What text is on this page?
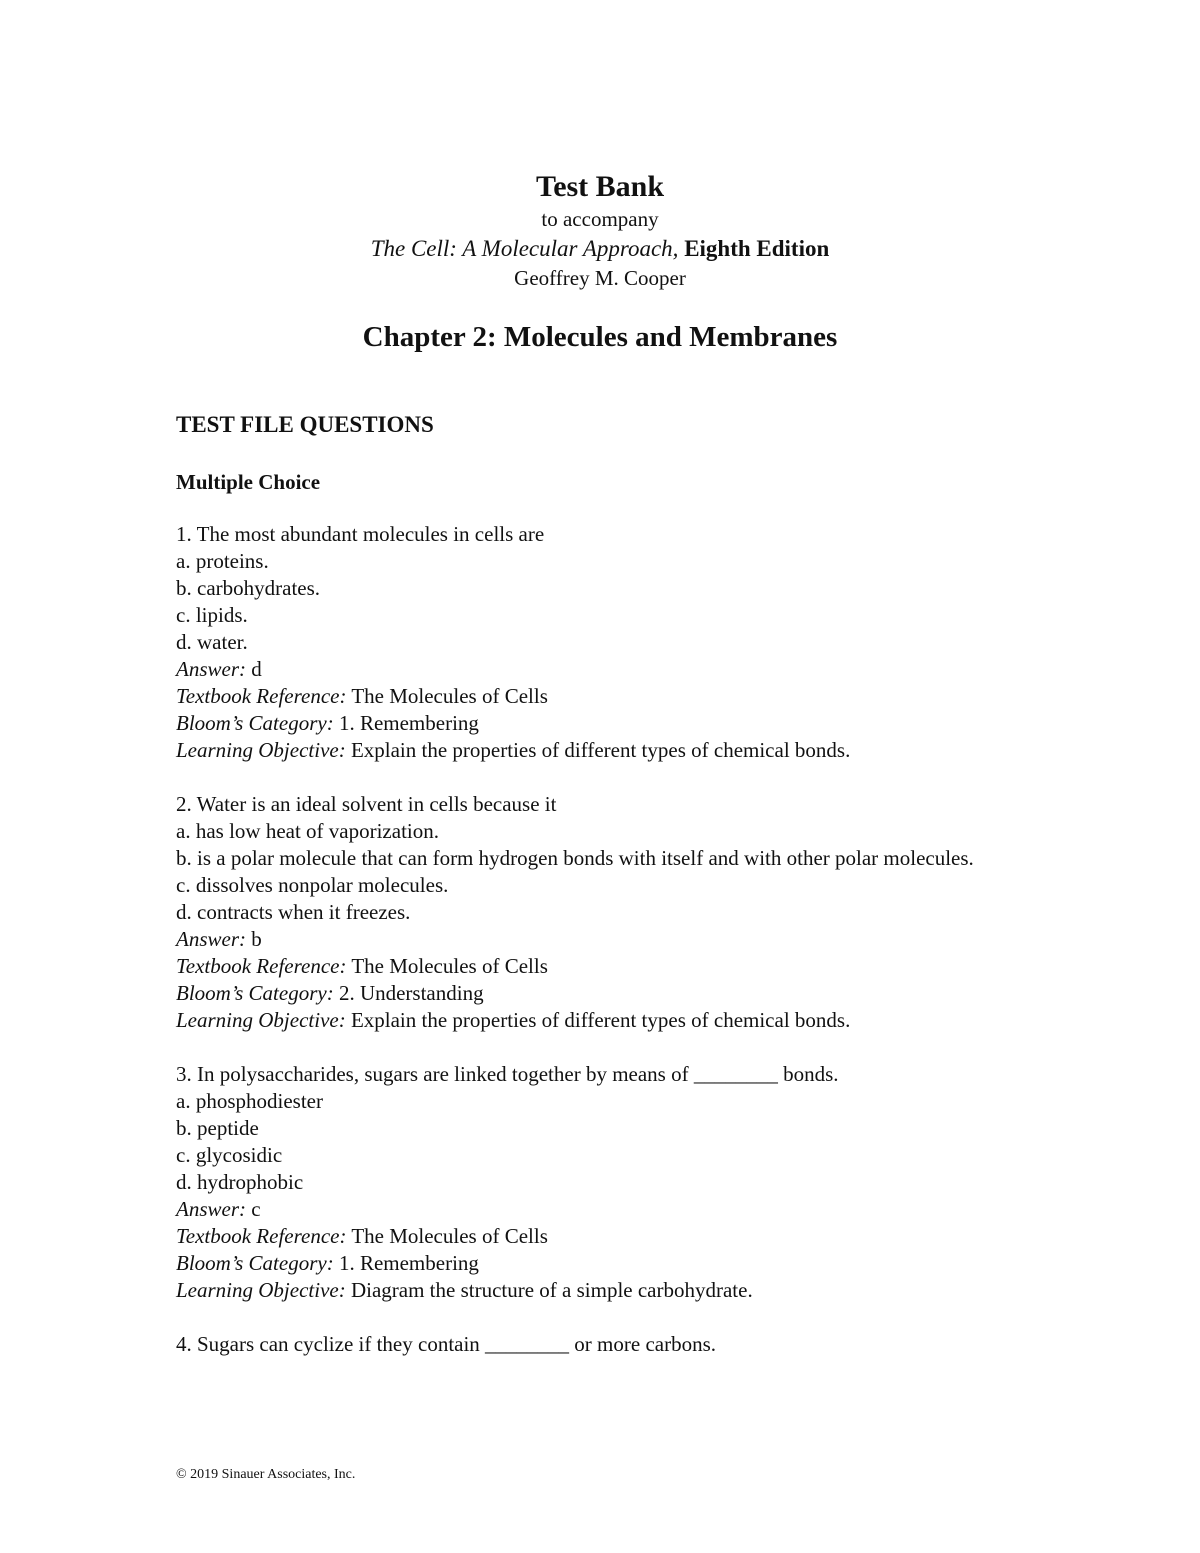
Test Bank
to accompany
The Cell: A Molecular Approach, Eighth Edition
Geoffrey M. Cooper
Chapter 2: Molecules and Membranes
TEST FILE QUESTIONS
Multiple Choice
1. The most abundant molecules in cells are
a. proteins.
b. carbohydrates.
c. lipids.
d. water.
Answer: d
Textbook Reference: The Molecules of Cells
Bloom’s Category: 1. Remembering
Learning Objective: Explain the properties of different types of chemical bonds.
2. Water is an ideal solvent in cells because it
a. has low heat of vaporization.
b. is a polar molecule that can form hydrogen bonds with itself and with other polar molecules.
c. dissolves nonpolar molecules.
d. contracts when it freezes.
Answer: b
Textbook Reference: The Molecules of Cells
Bloom’s Category: 2. Understanding
Learning Objective: Explain the properties of different types of chemical bonds.
3. In polysaccharides, sugars are linked together by means of ________ bonds.
a. phosphodiester
b. peptide
c. glycosidic
d. hydrophobic
Answer: c
Textbook Reference: The Molecules of Cells
Bloom’s Category: 1. Remembering
Learning Objective: Diagram the structure of a simple carbohydrate.
4. Sugars can cyclize if they contain ________ or more carbons.
© 2019 Sinauer Associates, Inc.
